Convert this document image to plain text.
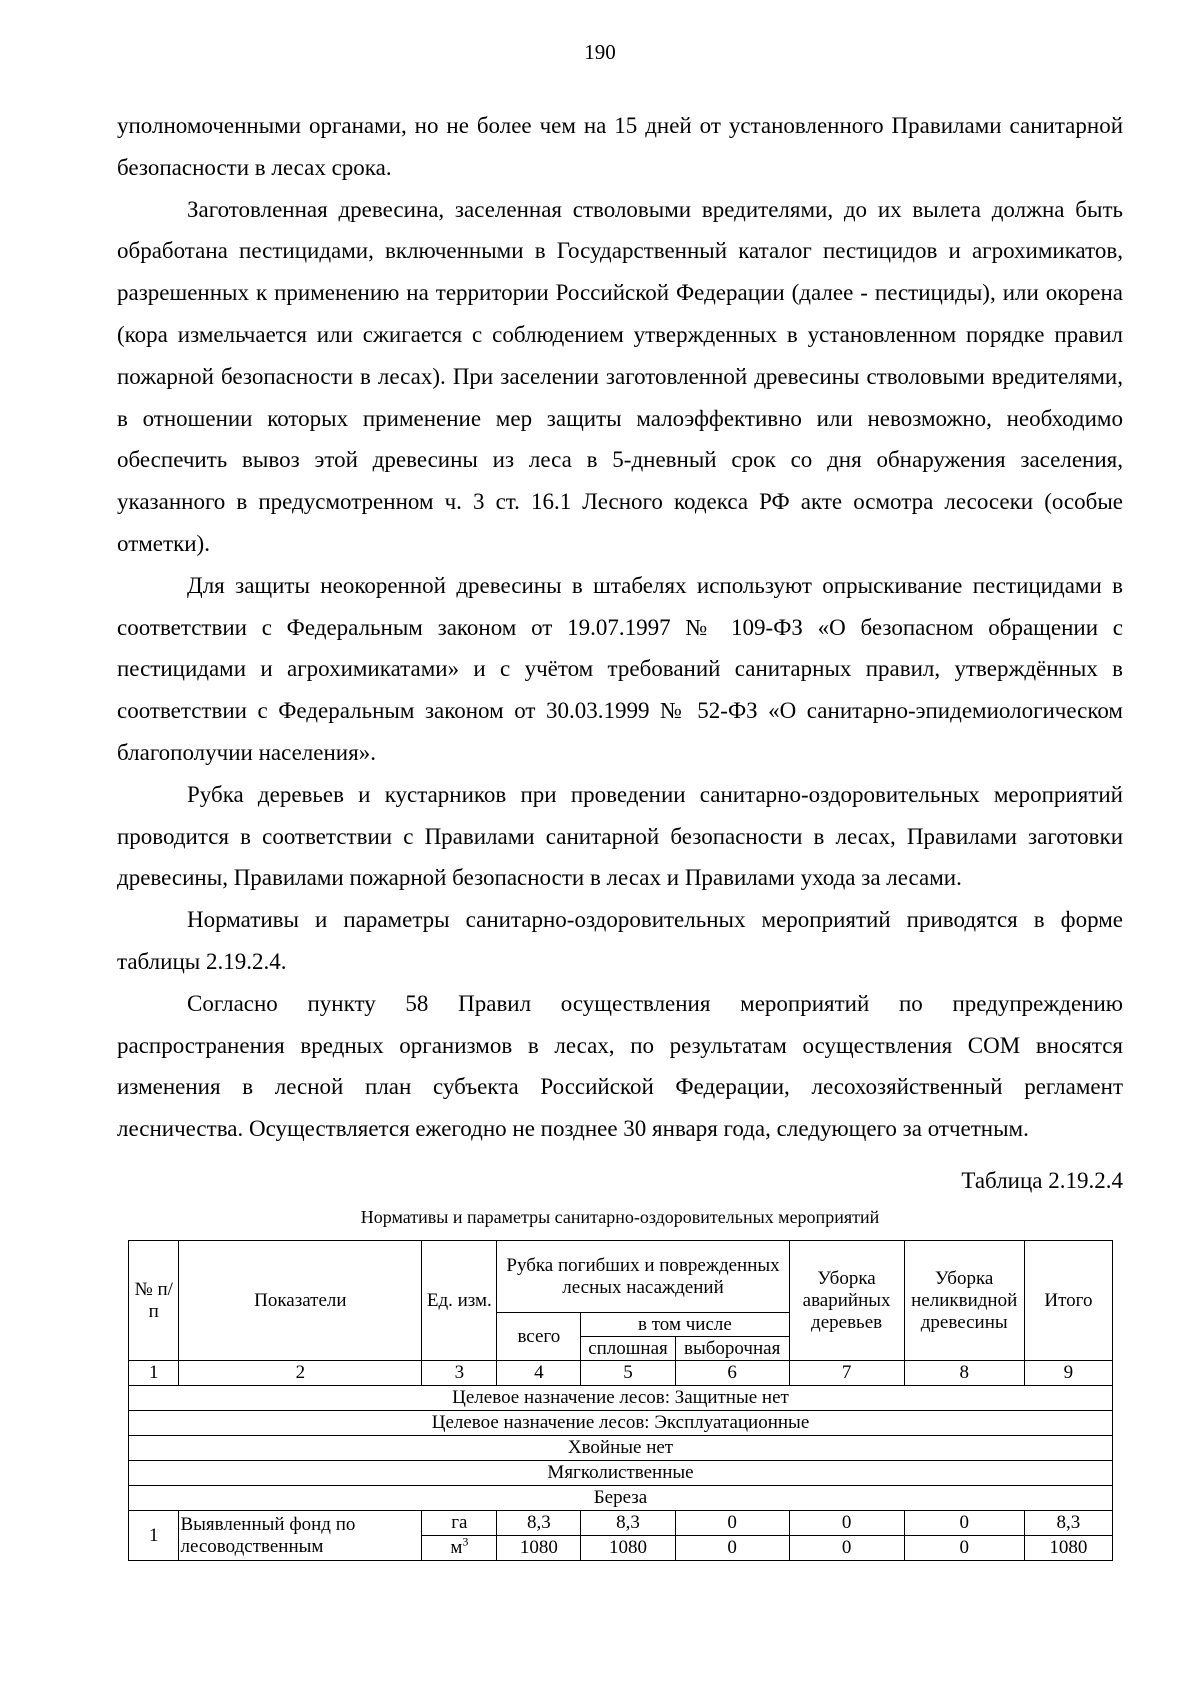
190

уполномоченными органами, но не более чем на 15 дней от установленного Правилами санитарной безопасности в лесах срока.

Заготовленная древесина, заселенная стволовыми вредителями, до их вылета должна быть обработана пестицидами, включенными в Государственный каталог пестицидов и агрохимикатов, разрешенных к применению на территории Российской Федерации (далее - пестициды), или окорена (кора измельчается или сжигается с соблюдением утвержденных в установленном порядке правил пожарной безопасности в лесах). При заселении заготовленной древесины стволовыми вредителями, в отношении которых применение мер защиты малоэффективно или невозможно, необходимо обеспечить вывоз этой древесины из леса в 5-дневный срок со дня обнаружения заселения, указанного в предусмотренном ч. 3 ст. 16.1 Лесного кодекса РФ акте осмотра лесосеки (особые отметки).

Для защиты неокоренной древесины в штабелях используют опрыскивание пестицидами в соответствии с Федеральным законом от 19.07.1997 № 109-ФЗ «О безопасном обращении с пестицидами и агрохимикатами» и с учётом требований санитарных правил, утверждённых в соответствии с Федеральным законом от 30.03.1999 № 52-ФЗ «О санитарно-эпидемиологическом благополучии населения».

Рубка деревьев и кустарников при проведении санитарно-оздоровительных мероприятий проводится в соответствии с Правилами санитарной безопасности в лесах, Правилами заготовки древесины, Правилами пожарной безопасности в лесах и Правилами ухода за лесами.

Нормативы и параметры санитарно-оздоровительных мероприятий приводятся в форме таблицы 2.19.2.4.

Согласно пункту 58 Правил осуществления мероприятий по предупреждению распространения вредных организмов в лесах, по результатам осуществления СОМ вносятся изменения в лесной план субъекта Российской Федерации, лесохозяйственный регламент лесничества. Осуществляется ежегодно не позднее 30 января года, следующего за отчетным.

Таблица 2.19.2.4
Нормативы и параметры санитарно-оздоровительных мероприятий
№ п/п	Показатели	Ед. изм.	Рубка погибших и поврежденных лесных насаждений			Уборка аварийных деревьев	Уборка неликвидной древесины	Итого
			всего	в том числе				
				сплошная	выборочная			
1	2	3	4	5	6	7	8	9
Целевое назначение лесов: Защитные нет								
Целевое назначение лесов: Эксплуатационные								
Хвойные нет								
Мягколиственные								
Береза								
1	Выявленный фонд по лесоводственным	га	8,3	8,3	0	0	0	8,3
		$м^3$	1080	1080	0	0	0	1080
